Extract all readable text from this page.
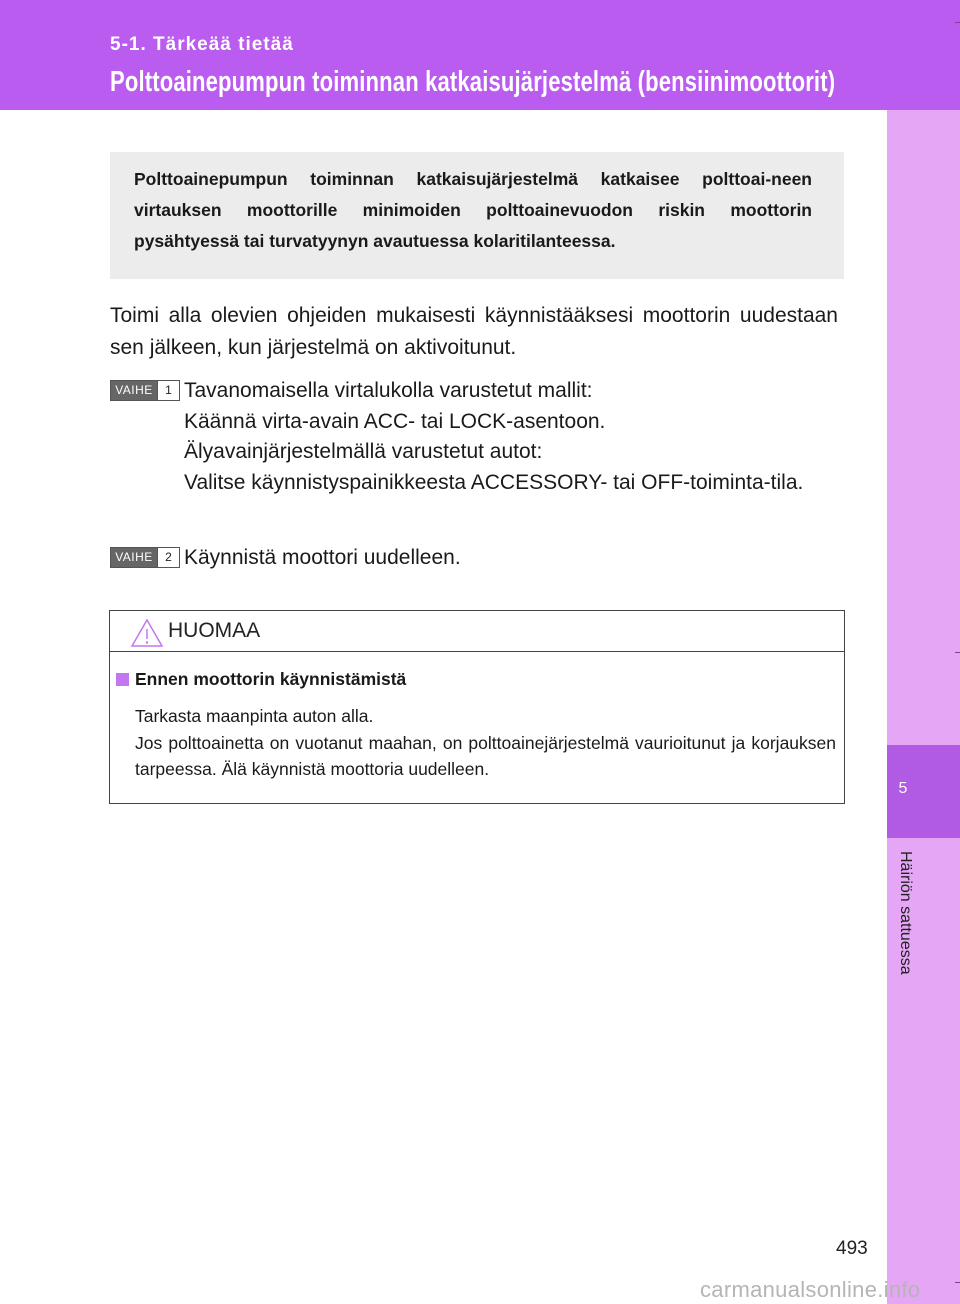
5-1. Tärkeää tietää
Polttoainepumpun toiminnan katkaisujärjestelmä (bensiinimoottorit)
5
Häiriön sattuessa
Polttoainepumpun toiminnan katkaisujärjestelmä katkaisee polttoai-neen virtauksen moottorille minimoiden polttoainevuodon riskin moottorin pysähtyessä tai turvatyynyn avautuessa kolaritilanteessa.
Toimi alla olevien ohjeiden mukaisesti käynnistääksesi moottorin uudestaan sen jälkeen, kun järjestelmä on aktivoitunut.
VAIHE	1 Tavanomaisella virtalukolla varustetut mallit:
Käännä virta-avain ACC- tai LOCK-asentoon.
Älyavainjärjestelmällä varustetut autot:
Valitse käynnistyspainikkeesta ACCESSORY- tai OFF-toiminta-tila.
VAIHE	2 Käynnistä moottori uudelleen.
HUOMAA
Ennen moottorin käynnistämistä
Tarkasta maanpinta auton alla.
Jos polttoainetta on vuotanut maahan, on polttoainejärjestelmä vaurioitunut ja korjauksen tarpeessa. Älä käynnistä moottoria uudelleen.
493
carmanualsonline.info
